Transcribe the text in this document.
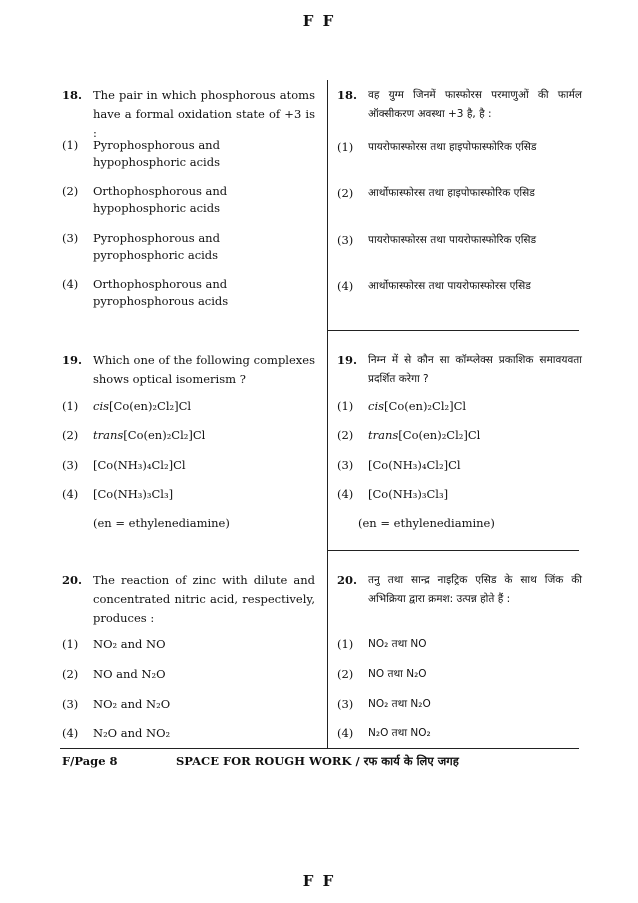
F F
18. The pair in which phosphorous atoms have a formal oxidation state of +3 is :
(1) Pyrophosphorous and hypophosphoric acids
(2) Orthophosphorous and hypophosphoric acids
(3) Pyrophosphorous and pyrophosphoric acids
(4) Orthophosphorous and pyrophosphorous acids
18. वह युग्म जिनमें फास्फोरस परमाणुओं की फार्मल ऑक्सीकरण अवस्था +3 है, है :
(1) पायरोफास्फोरस तथा हाइपोफास्फोरिक एसिड
(2) आर्थोफास्फोरस तथा हाइपोफास्फोरिक एसिड
(3) पायरोफास्फोरस तथा पायरोफास्फोरिक एसिड
(4) आर्थोफास्फोरस तथा पायरोफास्फोरस एसिड
19. Which one of the following complexes shows optical isomerism ?
(1) cis[Co(en)₂Cl₂]Cl
(2) trans[Co(en)₂Cl₂]Cl
(3) [Co(NH₃)₄Cl₂]Cl
(4) [Co(NH₃)₃Cl₃]
(en = ethylenediamine)
19. निम्न में से कौन सा कॉम्प्लेक्स प्रकाशिक समावयवता प्रदर्शित करेगा ?
(1) cis[Co(en)₂Cl₂]Cl
(2) trans[Co(en)₂Cl₂]Cl
(3) [Co(NH₃)₄Cl₂]Cl
(4) [Co(NH₃)₃Cl₃]
(en = ethylenediamine)
20. The reaction of zinc with dilute and concentrated nitric acid, respectively, produces :
(1) NO₂ and NO
(2) NO and N₂O
(3) NO₂ and N₂O
(4) N₂O and NO₂
20. तनु तथा सान्द्र नाइट्रिक एसिड के साथ जिंक की अभिक्रिया द्वारा क्रमश: उत्पन्न होते हैं :
(1) NO₂ तथा NO
(2) NO तथा N₂O
(3) NO₂ तथा N₂O
(4) N₂O तथा NO₂
F/Page 8	SPACE FOR ROUGH WORK / रफ कार्य के लिए जगह
F F
